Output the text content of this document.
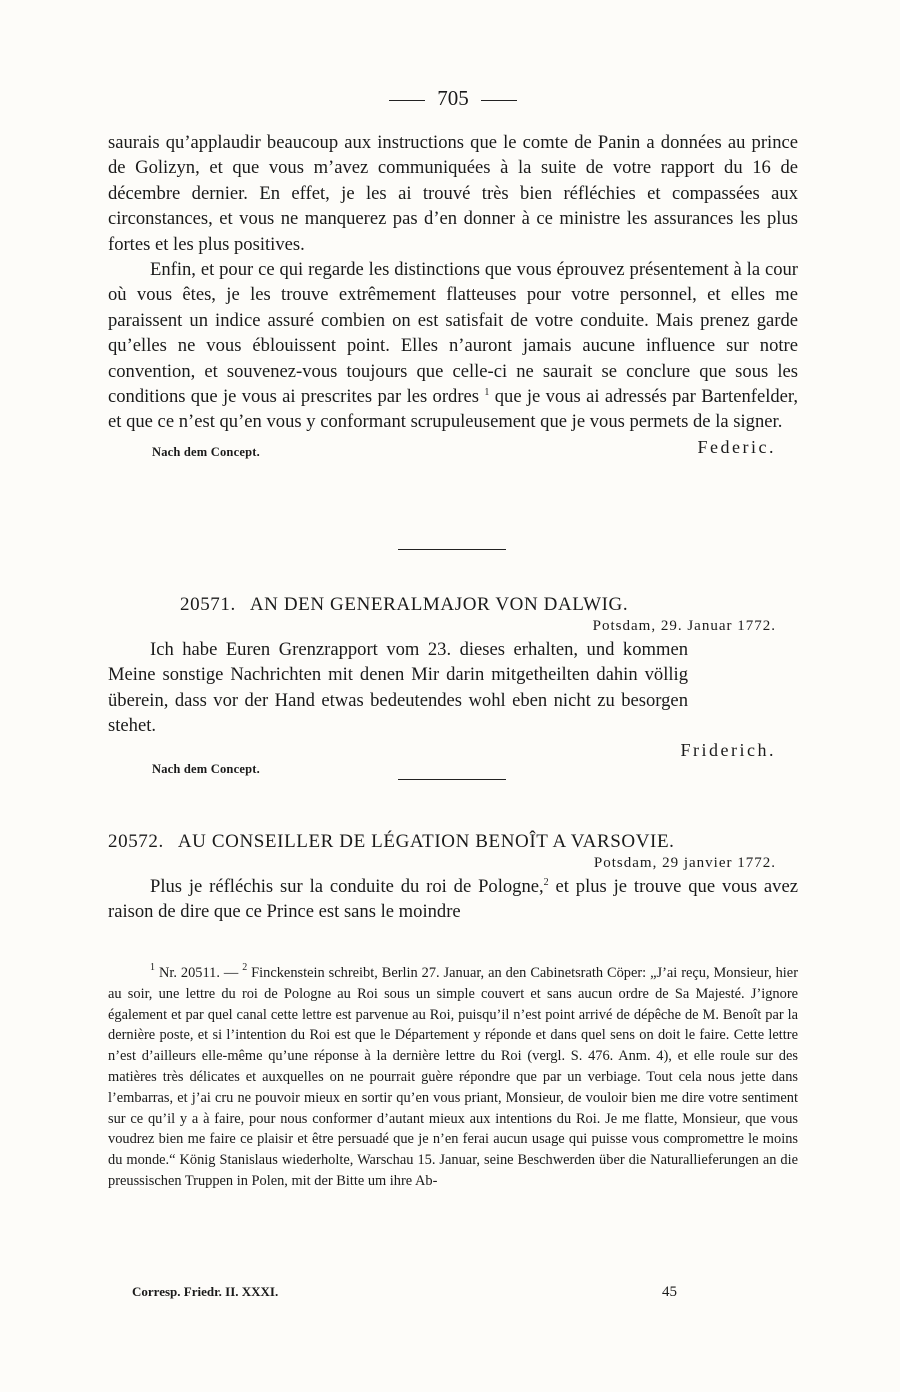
705

saurais qu’applaudir beaucoup aux instructions que le comte de Panin a données au prince de Golizyn, et que vous m’avez communiquées à la suite de votre rapport du 16 de décembre dernier. En effet, je les ai trouvé très bien réfléchies et compassées aux circonstances, et vous ne manquerez pas d’en donner à ce ministre les assurances les plus fortes et les plus positives.

Enfin, et pour ce qui regarde les distinctions que vous éprouvez présentement à la cour où vous êtes, je les trouve extrêmement flatteuses pour votre personnel, et elles me paraissent un indice assuré combien on est satisfait de votre conduite. Mais prenez garde qu’elles ne vous éblouissent point. Elles n’auront jamais aucune influence sur notre convention, et souvenez-vous toujours que celle-ci ne saurait se conclure que sous les conditions que je vous ai prescrites par les ordres $^1$ que je vous ai adressés par Bartenfelder, et que ce n’est qu’en vous y conformant scrupuleusement que je vous permets de la signer.

Nach dem Concept.	Federic.
20571. AN DEN GENERALMAJOR VON DALWIG.
Potsdam, 29. Januar 1772.

Ich habe Euren Grenzrapport vom 23. dieses erhalten, und kommen Meine sonstige Nachrichten mit denen Mir darin mitgetheilten dahin völlig überein, dass vor der Hand etwas bedeutendes wohl eben nicht zu besorgen stehet.

Friderich.
Nach dem Concept.
20572. AU CONSEILLER DE LÉGATION BENOÎT A VARSOVIE.
Potsdam, 29 janvier 1772.

Plus je réfléchis sur la conduite du roi de Pologne,$^2$ et plus je trouve que vous avez raison de dire que ce Prince est sans le moindre

$^1$ Nr. 20511. — $^2$ Finckenstein schreibt, Berlin 27. Januar, an den Cabinetsrath Cöper: „J’ai reçu, Monsieur, hier au soir, une lettre du roi de Pologne au Roi sous un simple couvert et sans aucun ordre de Sa Majesté. J’ignore également et par quel canal cette lettre est parvenue au Roi, puisqu’il n’est point arrivé de dépêche de M. Benoît par la dernière poste, et si l’intention du Roi est que le Département y réponde et dans quel sens on doit le faire. Cette lettre n’est d’ailleurs elle-même qu’une réponse à la dernière lettre du Roi (vergl. S. 476. Anm. 4), et elle roule sur des matières très délicates et auxquelles on ne pourrait guère répondre que par un verbiage. Tout cela nous jette dans l’embarras, et j’ai cru ne pouvoir mieux en sortir qu’en vous priant, Monsieur, de vouloir bien me dire votre sentiment sur ce qu’il y a à faire, pour nous conformer d’autant mieux aux intentions du Roi. Je me flatte, Monsieur, que vous voudrez bien me faire ce plaisir et être persuadé que je n’en ferai aucun usage qui puisse vous compromettre le moins du monde.“ König Stanislaus wiederholte, Warschau 15. Januar, seine Beschwerden über die Naturallieferungen an die preussischen Truppen in Polen, mit der Bitte um ihre Ab-

Corresp. Friedr. II. XXXI.	45
